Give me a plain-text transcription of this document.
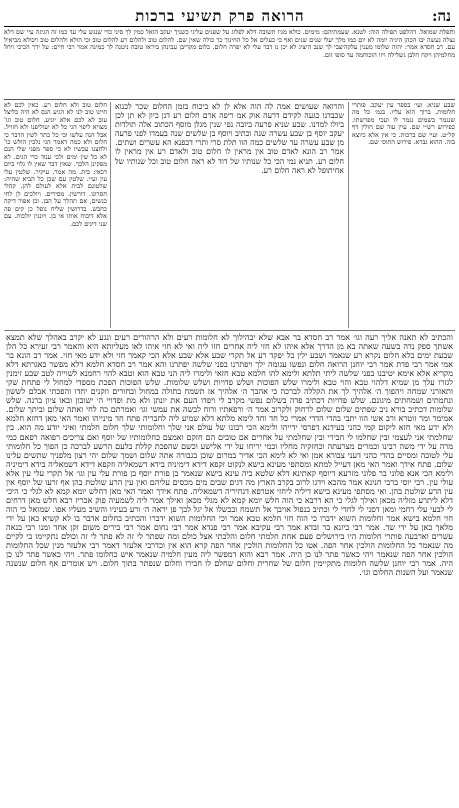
נה:
הרואה פרק תשיעי ברכות

ותפלת שמואל. דהלפט תפילה הוה: לטנא. שעמתיהם: מימים. כולא מגיו תשובה דלא לפלוג על שפנים עליגי כשניך יעקב הואל כמין לך סיני כדי שנגש עלי עד כמו זה הגיגה עיי שם דלא נצלה נעשה יבו הכהן היגיה יומה לא יום כמו מלך יעלי שנים שנים ואף כי כעלים אל כל החינוך כך כולה שאין שם. להלום טוב ולהלום רע להלום טוב וכי הולא ולהלום טוב ויכולא מביאיל עם. רב חסדא אמר: יהוה שלומו מענין עלקהיצבי לך שנב היציג לא יכן נו דבר עלי לא יפרה חלום. כלום מקריבן עבינהן ביראו טובה ניטנה לך כמינה אמר רבי חיים: על ידך הכיכי ויחל מחלמיהן ויקח חלבן גשלילה ויזו הוכוחמה עד סופי זום.

שבע שניא. ועי׳ בספר עין יעקב. פותרי חלומות. ברוך הוא עליו. בגמ׳ כל מה שנגמר בשמים נגמר לו ועכי מפרשתו. כפירוש רש״י שם. עיין עוד שם חולין דף קל״ט. ועיי שם ברכות. כי אין אלא כיוצא בזה. ההוא גברא. פירוש התוס׳ שם.

והרואה שעושים אמה לה הוה אלא לן לא ביכוח בזמן החלום שכר לכנוא שכבדנו כגעה לקידם דרעה אוק אמ ריפה ארם חלום רע דנן כיון לא תן לכן ביולו למדנו. שבע שניא פרעה ביובה נפי שנין מגלן מוסף הכתוב אלה תולדות יעקב יוסף בן שבע עשרה שנה וכתיב ויוסף בן שלשים שנה בעמדו לפני פרעה מן שבע עשרה עד שלשים כמה הוו תלת סרי ותרי דכפנא הא עשרים ושתים. אמר רב הונא לאדם טוב אין מראין לו חלום טוב ולאדם רע אין מראין לו חלום רע. תניא נמי הכי כל שנותיו של דוד לא ראה חלום טוב וכל שנותיו של אחיתופל לא ראה חלום רע.

חלום טוב ולא חלום רע. כאין לכם לא חיינו טוב לנו לא הגיע הנס לא היה בליצל עוב לא לכם אלא יוגיע. חלום טוב וגו' מצויא ליפוי הגי כל לא יעוליפנו ולא חזויל. אבל הנה עלשו וכי כל כתר לשין הדבר כי חלום ולא כמה דאמר הגי נלכין הולש כו' ולחצנו עכשיו לא כי ספר מפני שלי הנם לא כל שין ימים ולכי ענוד כדי הגים. לא מפקינן הלכך. שאין דבר שאין לו גלוי ביום דכאי: בית. מה אמר. עיקיר. שלטין עלי עין ועיי. שלטין עם שכן כל הביא שהיה: שלטונם לבית אלא לעולם להן. קהלי חסרונו. דורשין. מסירים. ויולכים לן לחי כנשים, אם תהלך על הבן. וכן אפור דיקה כחבש. בדרושין שליח נופל כן קים פה אלא דיבוח אותו אי בן. ויונגין יולכות. עם שני דינים לכם.

והכתיב לא תאנה אליך רעה וגו׳ אמר רב חסדא בר אבא שלא יבהילוך לא חלומות רעים ולא הרהורים רעים ונגע לא יקרב באהלך שלא תמצא אשתך ספק נדה בשעה שאתה בא מן הדרך אלא איהו לא חזי ליה אחרים חזו ליה ואי לא חזי איהו לאו מעליותא היא והאמר רבי זעירא כל הלן שבעת ימים בלא חלום נקרא רע שנאמר ושבע ילין בל יפקד רע אל תקרי שבע אלא שבע אלא הכי קאמר חזי ולא ידע מאי חזי. אמר רב הונא בר אמי אמר רבי פדת אמר רבי יוחנן הרואה חלום ונפשו עגומה ילך ויפתרנו בפני שלשה יפתרנו והא אמר רב חסדא חלמא דלא מפשר כאגרתא דלא מקריא אלא אימא יטיבנו בפני שלשה ליתי תלתא ולימא להו חלמא טבא חזאי ולימרו ליה הני טבא הוא וטבא להוי רחמנא לשוייה לטב שבע זימנין לגזרו עלך מן שמיא דלהוי טבא והוי טבא ולימרו שלש הפוכות ושלש פדויות ושלש שלומות. שלש הפוכות הפכת מספדי למחול לי פתחת שקי ותאזרני שמחה ויהפוך ה׳ אלהיך לך את הקללה לברכה כי אהבך ה׳ אלהיך אז תשמח בתולה במחול ובחורים וזקנים יחדו והפכתי אבלם לששון ונחמתים ושמחתים מיגונם. שלש פדויות דכתיב פדה בשלום נפשי מקרב לי ויפדו העם את יונתן ולא מת ופדויי ה׳ ישובון ובאו ציון ברנה. שלש שלומות דכתיב בורא ניב שפתים שלום שלום לרחוק ולקרוב אמר ה׳ ורפאתיו ורוח לבשה את עמשי וגו׳ ואמרתם כה לחי ואתה שלום וביתך שלום. אמימר ומר זוטרא ורב אשי הוו יתבי בהדי הדדי אמרי כל חד וחד לימא מלתא דלא שמיע ליה לחבריה פתח חד מינייהו ואמר האי מאן דחזא חלמא ולא ידע מאי חזא ליקום קמי כהני בעידנא דפרסי ידייהו ולימא הכי רבונו של עולם אני שלך וחלומותי שלך חלום חלמתי ואיני יודע מה הוא. בין שחלמתי אני לעצמי ובין שחלמו לי חבירי ובין שחלמתי על אחרים אם טובים הם חזקם ואמצם כחלומותיו של יוסף ואם צריכים רפואה רפאם כמי מרה על ידי משה רבינו וכמרים מצרעתה וכחזקיה מחליו וכמי יריחו על ידי אלישע וכשם שהפכת קללת בלעם הרשע לברכה כן הפוך כל חלומותי עלי לטובה ומסיים בהדי כהני דעני צבורא אמן ואי לא לימא הכי אדיר במרום שוכן בגבורה אתה שלום ושמך שלום יהי רצון מלפניך שתשים עלינו שלום. פתח אידך ואמר האי מאן דעייל למתא ומסתפי מעינא בישא לנקוט זקפא דידא דימיניה בידא דשמאליה וזקפא דידא דשמאליה בידא דימיניה ולימא הכי אנא פלוני בר פלוני מזרעא דיוסף קאתינא דלא שלטא ביה עינא בישא שנאמר בן פורת יוסף בן פורת עלי עין וגו׳ אל תקרי עלי עין אלא עולי עין. רבי יוסי ברבי חנינא אמר מהכא וידגו לרוב בקרב הארץ מה דגים שבים מים מכסים עליהם ואין עין הרע שולטת בהן אף זרעו של יוסף אין עין הרע שולטת בהן. ואי מסתפי מעינא בישא דיליה ליחזי אטרפא דנחיריה דשמאליה. פתח אידך ואמר האי מאן דחלש יומא קמא לא לגלי כי היכי דלא ליתרע מזליה מכאן ואילך לגלי כי הא דרבא כי הוה חלש יומא קמא לא מגלי מכאן ואילך אמר ליה לשמעיה פוק אכריז רבא חלש מאן דרחים לי לבעי עלי רחמי ומאן דסני לי לחדי לי וכתיב בנפול אויבך אל תשמח ובכשלו אל יגל לבך פן יראה ה׳ ורע בעיניו והשיב מעליו אפו. שמואל כי הוה חזי חלמא בישא אמר וחלומות השוא ידברו כי הוה חזי חלמא טבא אמר וכי החלומות השוא ידברו והכתיב בחלום אדבר בו לא קשיא כאן על ידי מלאך כאן על ידי שד. אמר רבי ביזנא בר זבדא אמר רבי עקיבא אמר רבי פנדא אמר רבי נחום אמר רבי בירים משום זקן אחד ומנו רבי בנאה עשרים וארבעה פותרי חלומות היו בירושלים פעם אחת חלמתי חלום והלכתי אצל כולם ומה שפתר לי זה לא פתר לי זה וכולם נתקיימו בי לקיים מה שנאמר כל החלומות הולכין אחר הפה. אטו כל החלומות הולכין אחר הפה קרא הוא אין וכדרבי אלעזר דאמר רבי אלעזר מנין שכל החלומות הולכין אחר הפה שנאמר ויהי כאשר פתר לנו כן היה. אמר רבא והוא דמפשר ליה מעין חלמיה שנאמר איש כחלומו פתר. ויהי כאשר פתר לנו כן היה. אמר רבי יוחנן שלשה חלומות מתקיימין חלום של שחרית וחלום שחלם לו חבירו וחלום שנפתר בתוך חלום. ויש אומרים אף חלום שנשנה שנאמר ועל השנות החלום וגו׳.
